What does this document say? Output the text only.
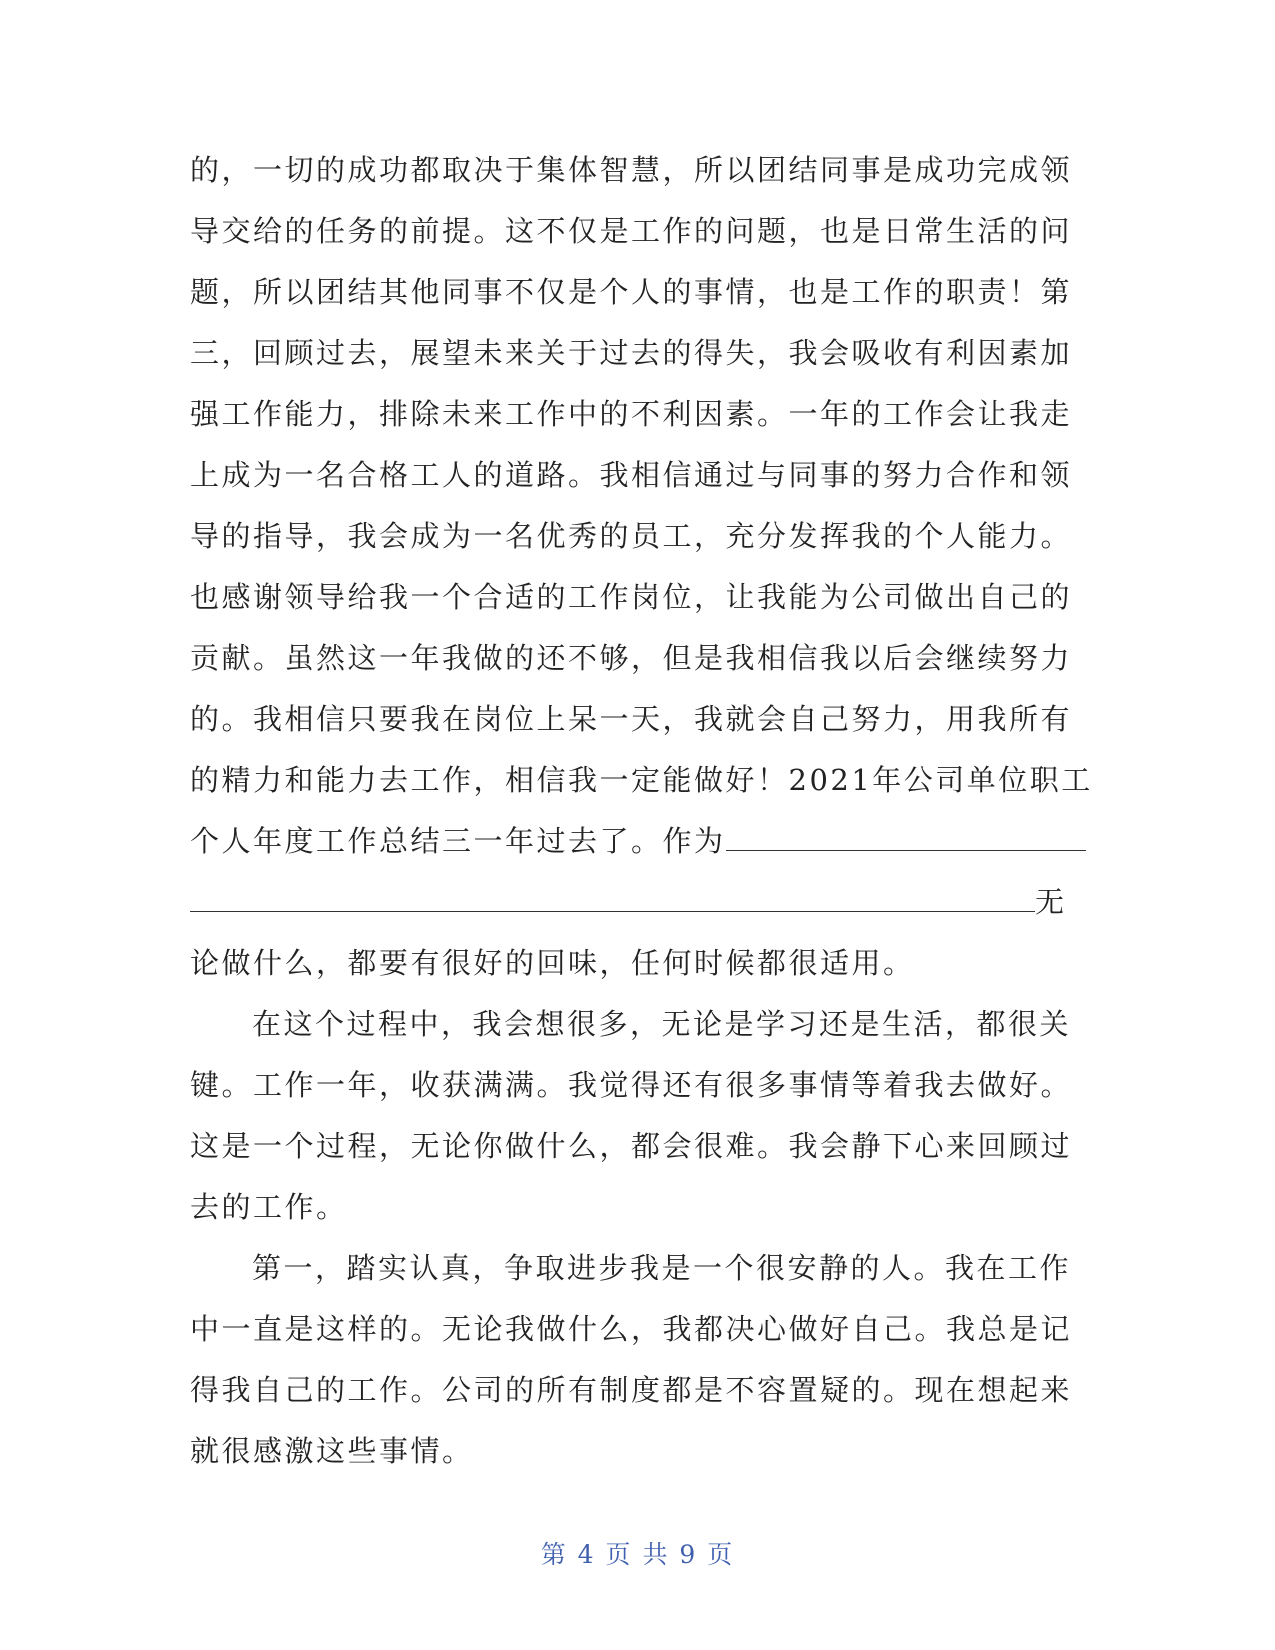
的，一切的成功都取决于集体智慧，所以团结同事是成功完成领
导交给的任务的前提。这不仅是工作的问题，也是日常生活的问
题，所以团结其他同事不仅是个人的事情，也是工作的职责！第
三，回顾过去，展望未来关于过去的得失，我会吸收有利因素加
强工作能力，排除未来工作中的不利因素。一年的工作会让我走
上成为一名合格工人的道路。我相信通过与同事的努力合作和领
导的指导，我会成为一名优秀的员工，充分发挥我的个人能力。
也感谢领导给我一个合适的工作岗位，让我能为公司做出自己的
贡献。虽然这一年我做的还不够，但是我相信我以后会继续努力
的。我相信只要我在岗位上呆一天，我就会自己努力，用我所有
的精力和能力去工作，相信我一定能做好！2021年公司单位职工
个人年度工作总结三一年过去了。作为
无
论做什么，都要有很好的回味，任何时候都很适用。
在这个过程中，我会想很多，无论是学习还是生活，都很关
键。工作一年，收获满满。我觉得还有很多事情等着我去做好。
这是一个过程，无论你做什么，都会很难。我会静下心来回顾过
去的工作。
第一，踏实认真，争取进步我是一个很安静的人。我在工作
中一直是这样的。无论我做什么，我都决心做好自己。我总是记
得我自己的工作。公司的所有制度都是不容置疑的。现在想起来
就很感激这些事情。
第 4 页 共 9 页
